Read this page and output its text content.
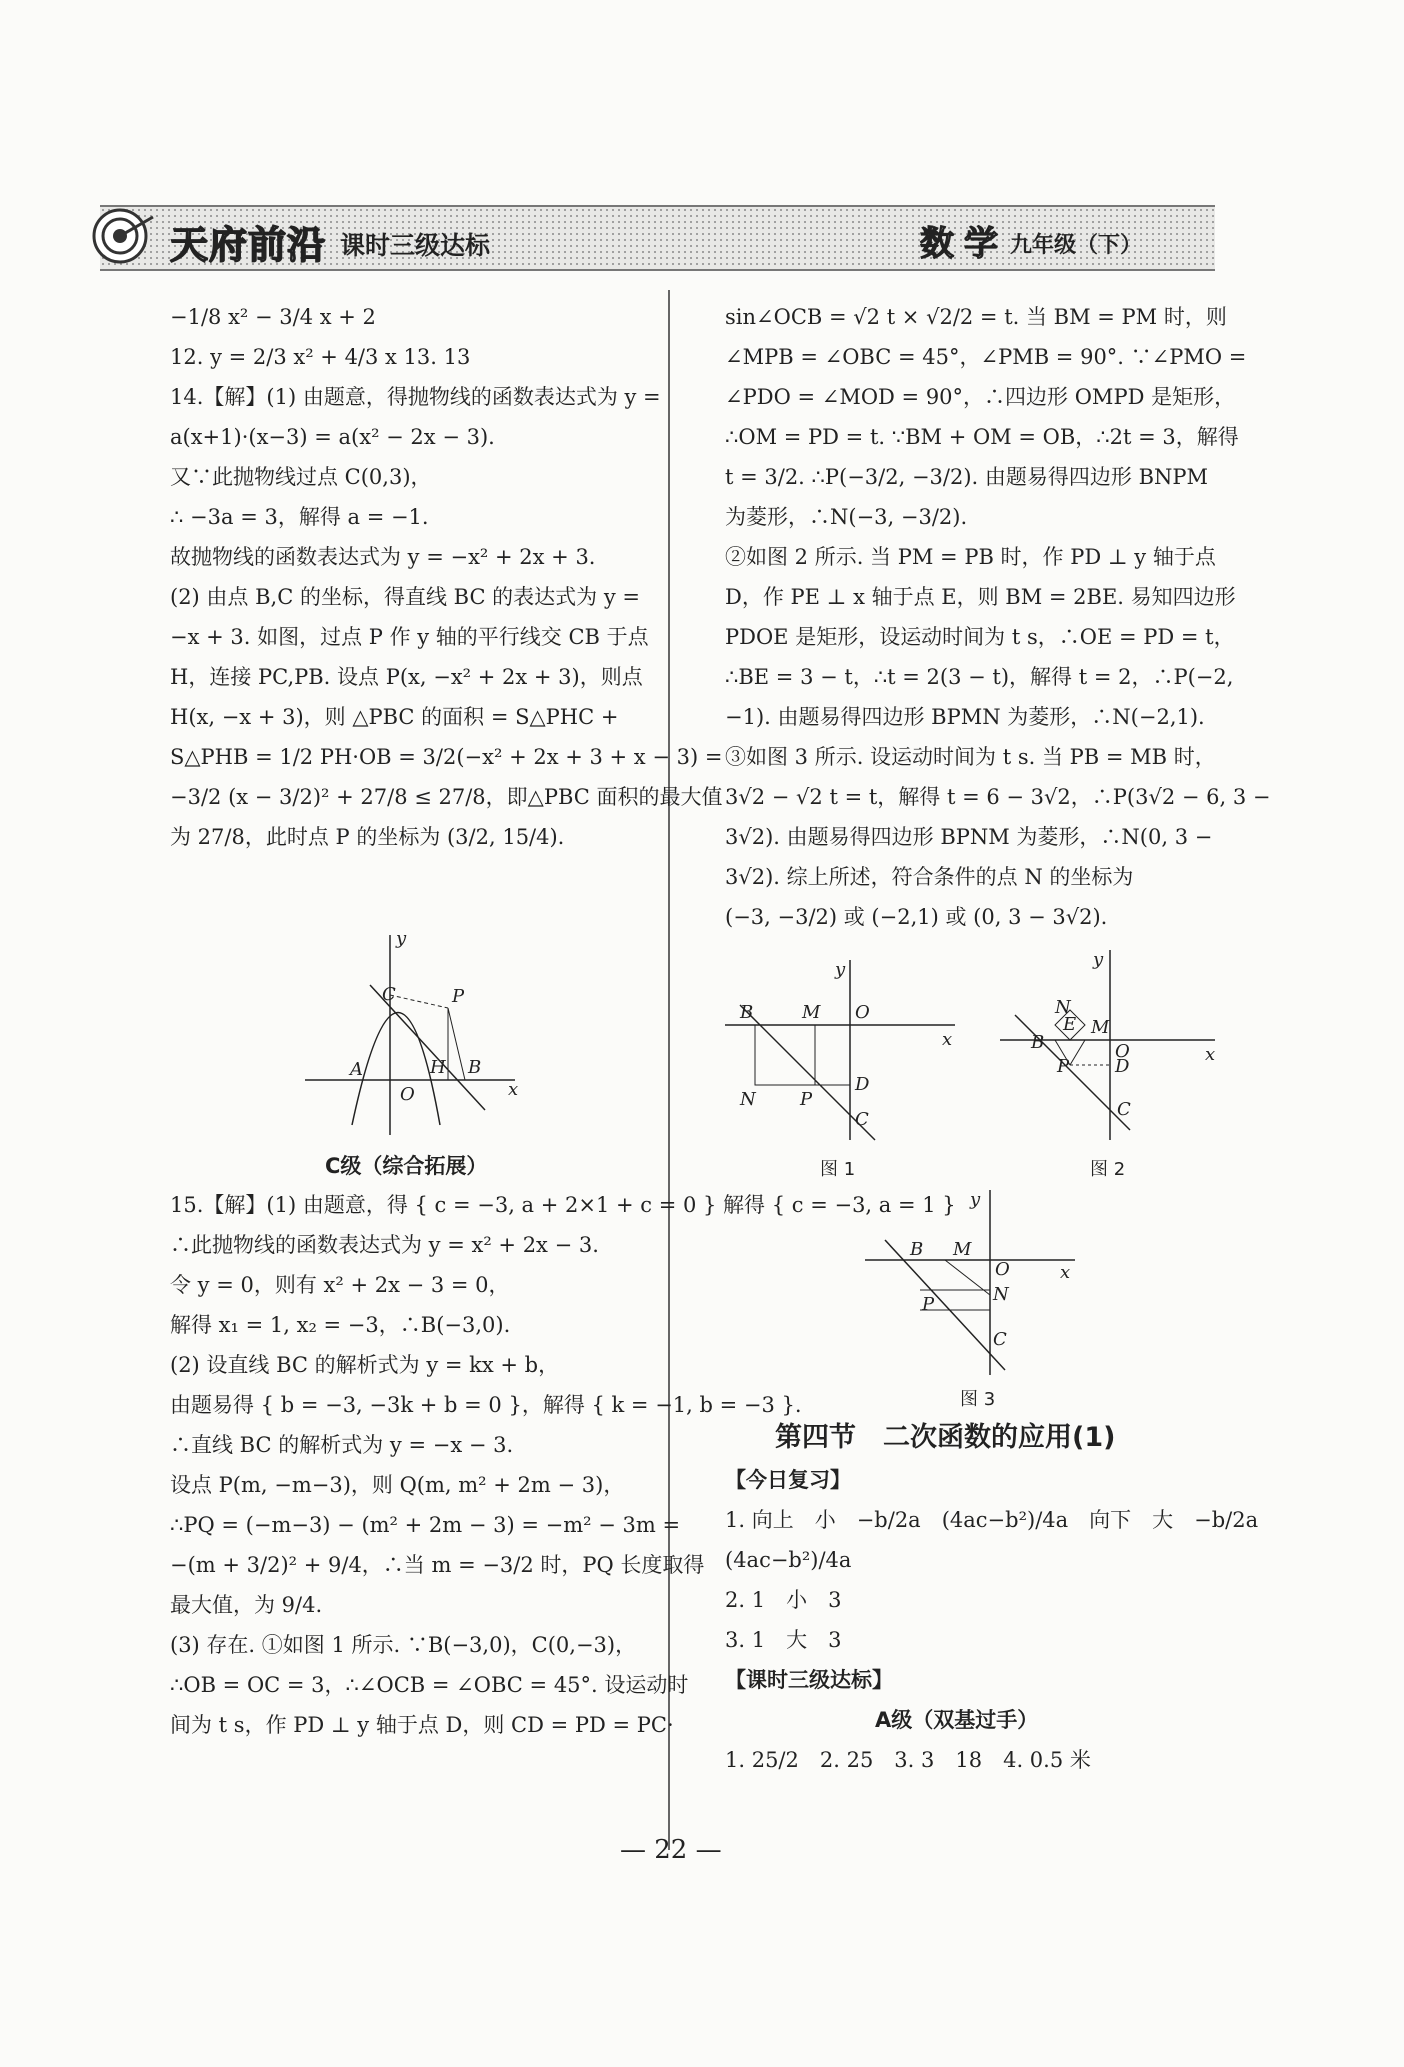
天府前沿 课时三级达标	数学 九年级（下）
−1/8 x² − 3/4 x + 2
12. y = 2/3 x² + 4/3 x 13. 13
14.【解】(1) 由题意，得抛物线的函数表达式为 y =
a(x+1)·(x−3) = a(x² − 2x − 3).
又∵此抛物线过点 C(0,3)，
∴ −3a = 3，解得 a = −1.
故抛物线的函数表达式为 y = −x² + 2x + 3.
(2) 由点 B,C 的坐标，得直线 BC 的表达式为 y =
−x + 3. 如图，过点 P 作 y 轴的平行线交 CB 于点
H，连接 PC,PB. 设点 P(x, −x² + 2x + 3)，则点
H(x, −x + 3)，则 △PBC 的面积 = S△PHC +
S△PHB = 1/2 PH·OB = 3/2(−x² + 2x + 3 + x − 3) =
−3/2 (x − 3/2)² + 27/8 ≤ 27/8，即△PBC 面积的最大值
为 27/8，此时点 P 的坐标为 (3/2, 15/4).
C	P
A
O
H B
x
y
C级（综合拓展）
15.【解】(1) 由题意，得 { c = −3, a + 2×1 + c = 0 } 解得 { c = −3, a = 1 }
∴此抛物线的函数表达式为 y = x² + 2x − 3.
令 y = 0，则有 x² + 2x − 3 = 0，
解得 x₁ = 1, x₂ = −3，∴B(−3,0).
(2) 设直线 BC 的解析式为 y = kx + b，
由题易得 { b = −3, −3k + b = 0 }，解得 { k = −1, b = −3 }.
∴直线 BC 的解析式为 y = −x − 3.
设点 P(m, −m−3)，则 Q(m, m² + 2m − 3)，
∴PQ = (−m−3) − (m² + 2m − 3) = −m² − 3m =
−(m + 3/2)² + 9/4，∴当 m = −3/2 时，PQ 长度取得
最大值，为 9/4.
(3) 存在. ①如图 1 所示. ∵B(−3,0)，C(0,−3)，
∴OB = OC = 3，∴∠OCB = ∠OBC = 45°. 设运动时
间为 t s，作 PD ⊥ y 轴于点 D，则 CD = PD = PC·
sin∠OCB = √2 t × √2/2 = t. 当 BM = PM 时，则
∠MPB = ∠OBC = 45°，∠PMB = 90°. ∵∠PMO =
∠PDO = ∠MOD = 90°，∴四边形 OMPD 是矩形，
∴OM = PD = t. ∵BM + OM = OB，∴2t = 3，解得
t = 3/2. ∴P(−3/2, −3/2). 由题易得四边形 BNPM
为菱形，∴N(−3, −3/2).
②如图 2 所示. 当 PM = PB 时，作 PD ⊥ y 轴于点
D，作 PE ⊥ x 轴于点 E，则 BM = 2BE. 易知四边形
PDOE 是矩形，设运动时间为 t s，∴OE = PD = t，
∴BE = 3 − t，∴t = 2(3 − t)，解得 t = 2，∴P(−2,
−1). 由题易得四边形 BPMN 为菱形，∴N(−2,1).
③如图 3 所示. 设运动时间为 t s. 当 PB = MB 时，
3√2 − √2 t = t，解得 t = 6 − 3√2，∴P(3√2 − 6, 3 −
3√2). 由题易得四边形 BPNM 为菱形，∴N(0, 3 −
3√2). 综上所述，符合条件的点 N 的坐标为
(−3, −3/2) 或 (−2,1) 或 (0, 3 − 3√2).
B	M O
N P
D
C
x
y
图 1
N
E M
B
P
O
D
C
x
y
图 2
B M
O
P	N
C
x
y
图 3
第四节　二次函数的应用(1)
【今日复习】
1. 向上　小　−b/2a　(4ac−b²)/4a　向下　大　−b/2a
(4ac−b²)/4a
2. 1　小　3
3. 1　大　3
【课时三级达标】
A级（双基过手）
1. 25/2　2. 25　3. 3　18　4. 0.5 米
— 22 —
